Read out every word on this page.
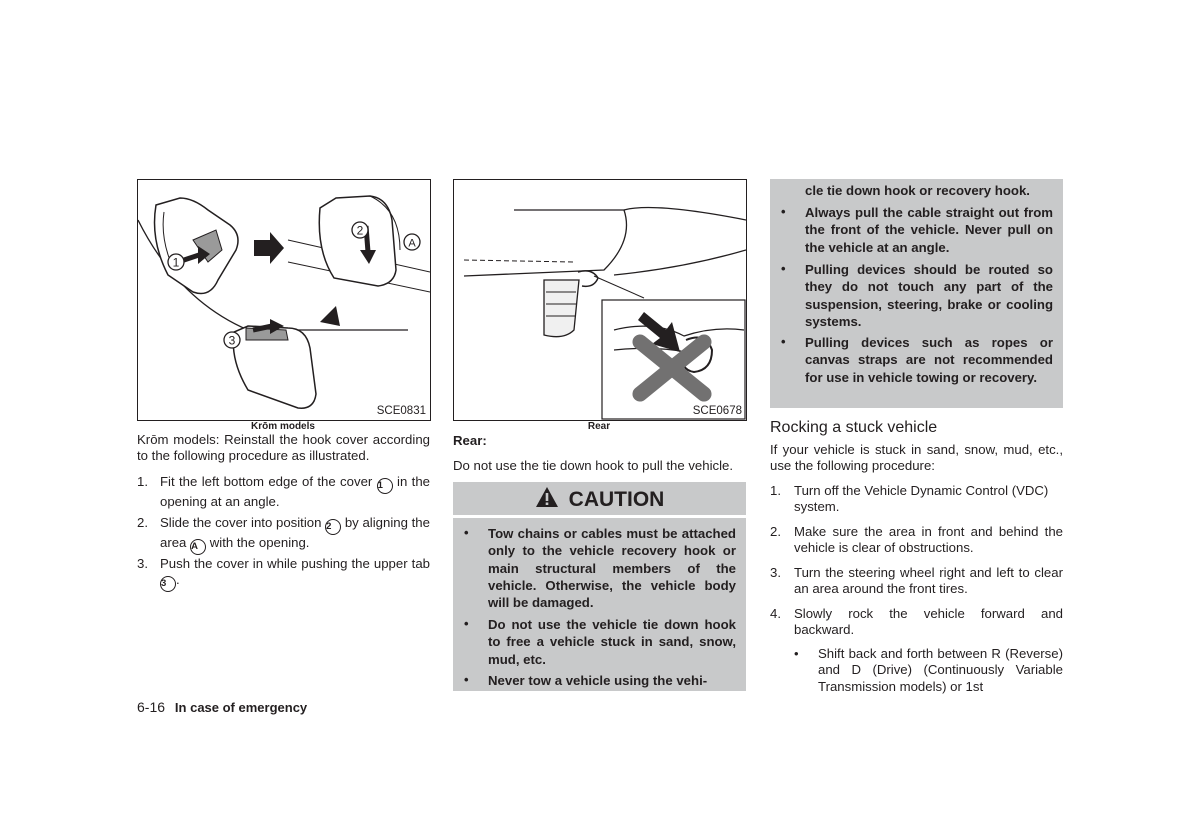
1
2
A
3
SCE0831
Krōm models
Krōm models: Reinstall the hook cover according to the following procedure as illustrated.
1. Fit the left bottom edge of the cover 1 in the opening at an angle.
2. Slide the cover into position 2 by aligning the area A with the opening.
3. Push the cover in while pushing the upper tab 3 .
SCE0678
Rear
Rear:
Do not use the tie down hook to pull the vehicle.
CAUTION
• Tow chains or cables must be attached only to the vehicle recovery hook or main structural members of the vehicle. Otherwise, the vehicle body will be damaged.
• Do not use the vehicle tie down hook to free a vehicle stuck in sand, snow, mud, etc.
• Never tow a vehicle using the vehi-
cle tie down hook or recovery hook.
• Always pull the cable straight out from the front of the vehicle. Never pull on the vehicle at an angle.
• Pulling devices should be routed so they do not touch any part of the suspension, steering, brake or cooling systems.
• Pulling devices such as ropes or canvas straps are not recommended for use in vehicle towing or recovery.
Rocking a stuck vehicle
If your vehicle is stuck in sand, snow, mud, etc., use the following procedure:
1. Turn off the Vehicle Dynamic Control (VDC) system.
2. Make sure the area in front and behind the vehicle is clear of obstructions.
3. Turn the steering wheel right and left to clear an area around the front tires.
4. Slowly rock the vehicle forward and backward.
• Shift back and forth between R (Reverse) and D (Drive) (Continuously Variable Transmission models) or 1st
6-16 In case of emergency
